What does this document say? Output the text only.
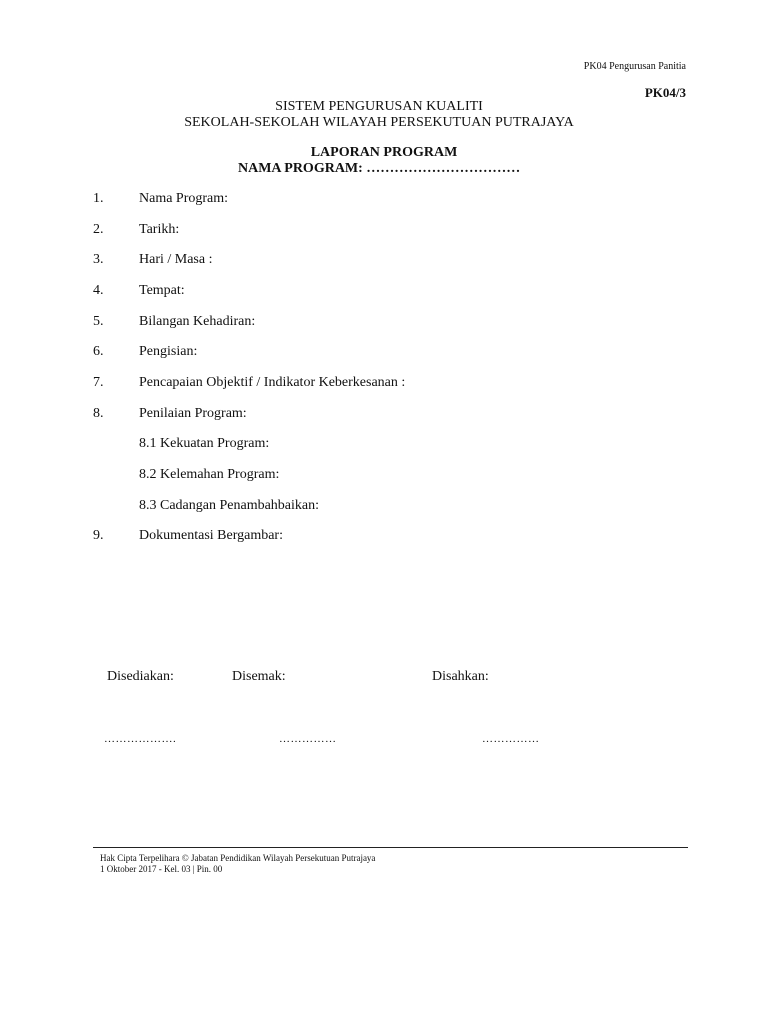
PK04 Pengurusan Panitia
PK04/3
SISTEM PENGURUSAN KUALITI
SEKOLAH-SEKOLAH WILAYAH PERSEKUTUAN PUTRAJAYA
LAPORAN PROGRAM
NAMA PROGRAM: ……………………………
1.	Nama Program:
2.	Tarikh:
3.	Hari / Masa :
4.	Tempat:
5.	Bilangan Kehadiran:
6.	Pengisian:
7.	Pencapaian Objektif / Indikator Keberkesanan :
8.	Penilaian Program:
8.1 Kekuatan Program:
8.2 Kelemahan Program:
8.3 Cadangan Penambahbaikan:
9.	Dokumentasi Bergambar:
Disediakan:	Disemak:	Disahkan:
……………….	……………	……………
Hak Cipta Terpelihara © Jabatan Pendidikan Wilayah Persekutuan Putrajaya
1 Oktober 2017 - Kel. 03 | Pin. 00
